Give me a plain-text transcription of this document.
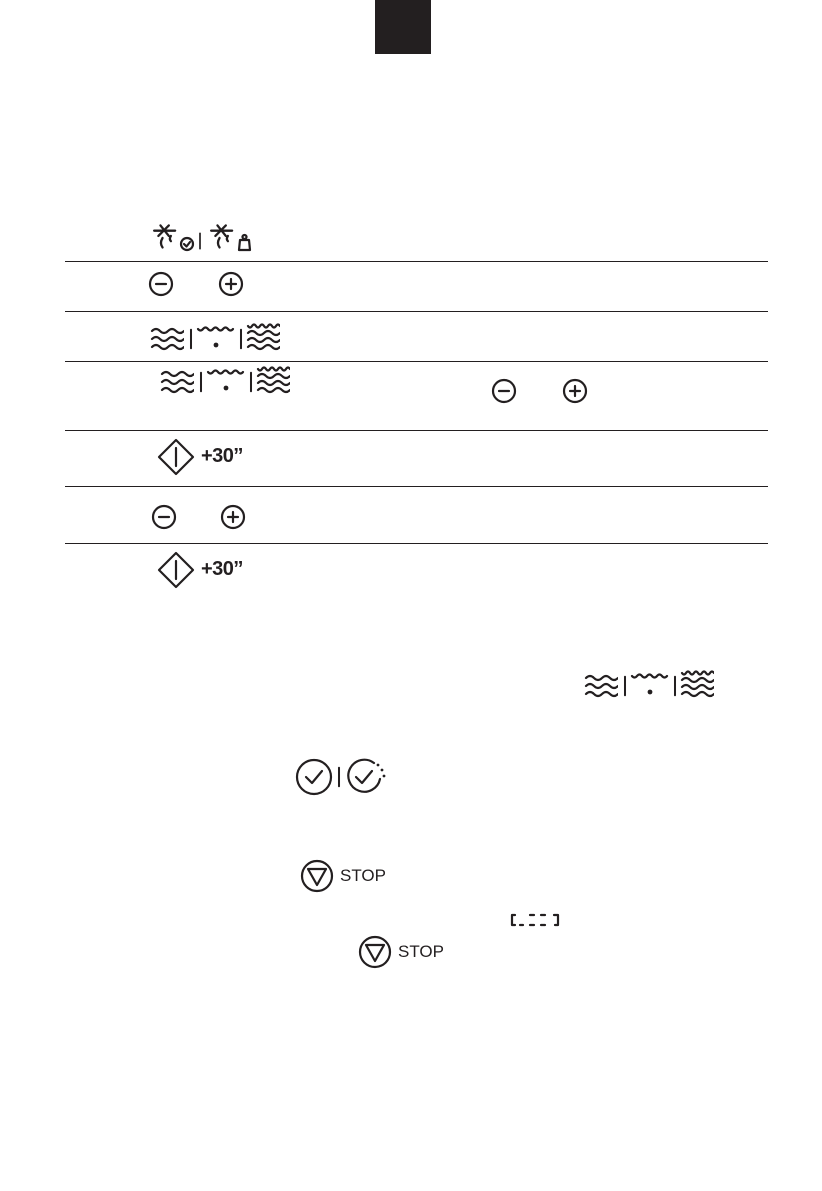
+30’’
+30’’
STOP
STOP
